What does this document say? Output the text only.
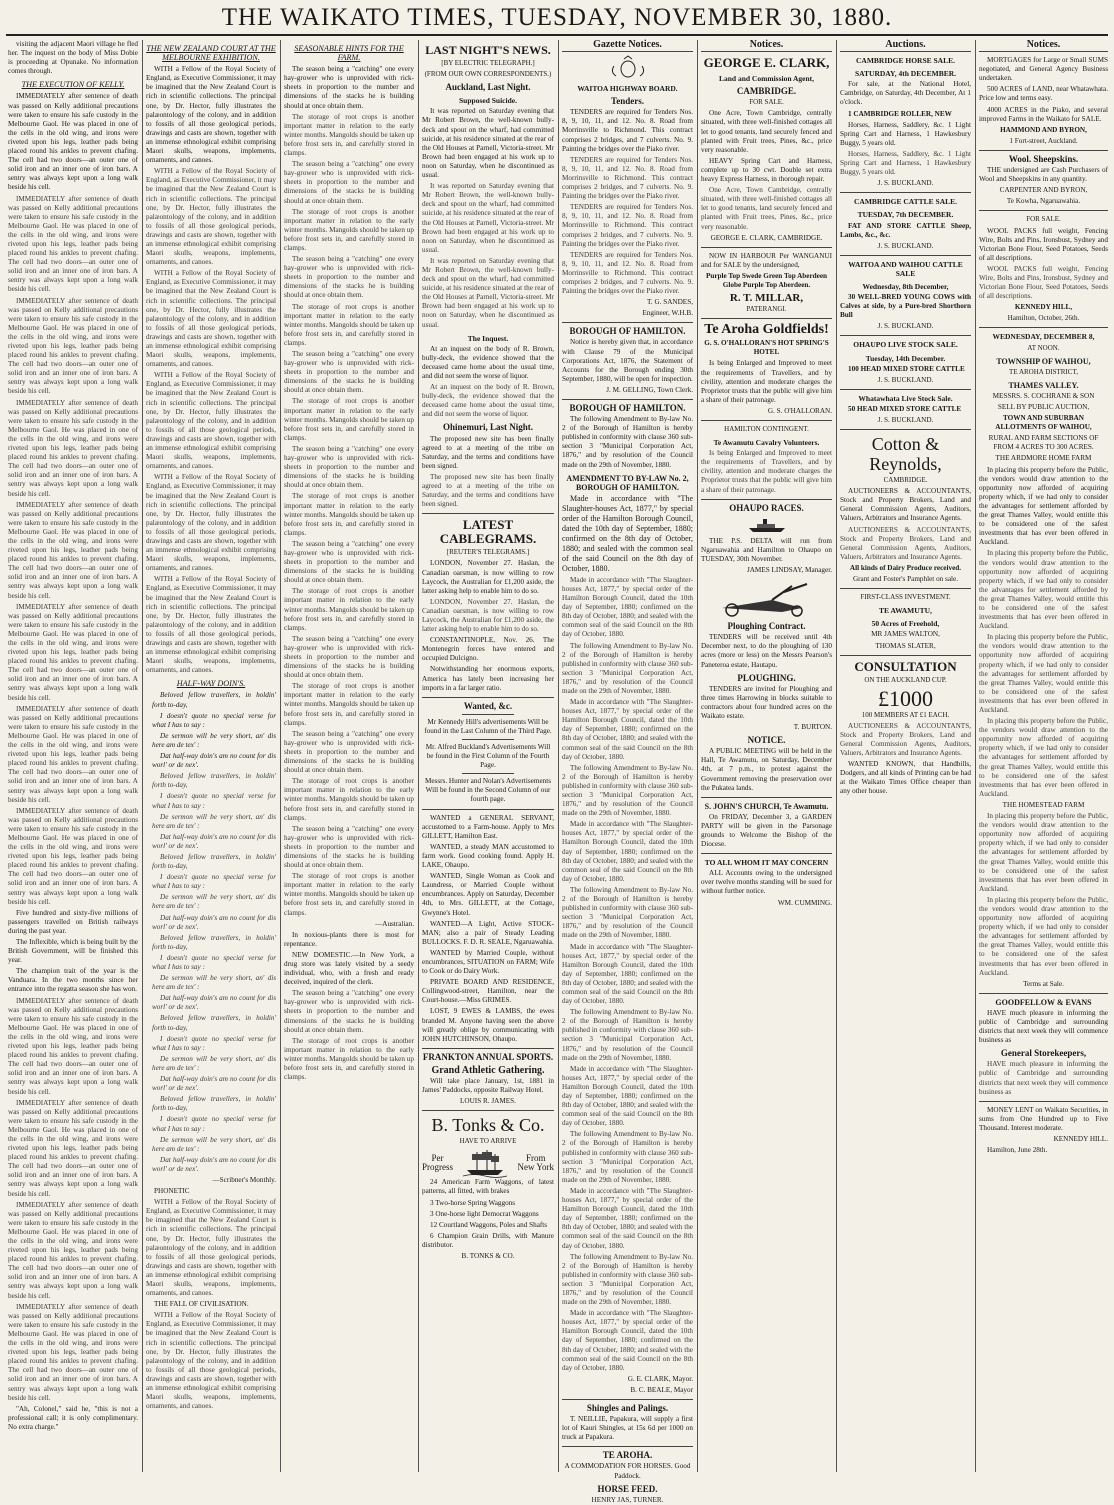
THE WAIKATO TIMES, TUESDAY, NOVEMBER 30, 1880.

visiting the adjacent Maori village he fled her. The inquest on the body of Miss Dobie is proceeding at Opunake. No information comes through.

THE EXECUTION OF KELLY.

IMMEDIATELY after sentence of death was passed on Kelly additional precautions were taken to ensure his safe custody in the Melbourne Gaol. He was placed in one of the cells in the old wing, and irons were riveted upon his legs, leather pads being placed round his ankles to prevent chafing. The cell had two doors—an outer one of solid iron and an inner one of iron bars. A sentry was always kept upon a long walk beside his cell.

IMMEDIATELY after sentence of death was passed on Kelly additional precautions were taken to ensure his safe custody in the Melbourne Gaol. He was placed in one of the cells in the old wing, and irons were riveted upon his legs, leather pads being placed round his ankles to prevent chafing. The cell had two doors—an outer one of solid iron and an inner one of iron bars. A sentry was always kept upon a long walk beside his cell.

IMMEDIATELY after sentence of death was passed on Kelly additional precautions were taken to ensure his safe custody in the Melbourne Gaol. He was placed in one of the cells in the old wing, and irons were riveted upon his legs, leather pads being placed round his ankles to prevent chafing. The cell had two doors—an outer one of solid iron and an inner one of iron bars. A sentry was always kept upon a long walk beside his cell.

IMMEDIATELY after sentence of death was passed on Kelly additional precautions were taken to ensure his safe custody in the Melbourne Gaol. He was placed in one of the cells in the old wing, and irons were riveted upon his legs, leather pads being placed round his ankles to prevent chafing. The cell had two doors—an outer one of solid iron and an inner one of iron bars. A sentry was always kept upon a long walk beside his cell.

IMMEDIATELY after sentence of death was passed on Kelly additional precautions were taken to ensure his safe custody in the Melbourne Gaol. He was placed in one of the cells in the old wing, and irons were riveted upon his legs, leather pads being placed round his ankles to prevent chafing. The cell had two doors—an outer one of solid iron and an inner one of iron bars. A sentry was always kept upon a long walk beside his cell.

IMMEDIATELY after sentence of death was passed on Kelly additional precautions were taken to ensure his safe custody in the Melbourne Gaol. He was placed in one of the cells in the old wing, and irons were riveted upon his legs, leather pads being placed round his ankles to prevent chafing. The cell had two doors—an outer one of solid iron and an inner one of iron bars. A sentry was always kept upon a long walk beside his cell.

IMMEDIATELY after sentence of death was passed on Kelly additional precautions were taken to ensure his safe custody in the Melbourne Gaol. He was placed in one of the cells in the old wing, and irons were riveted upon his legs, leather pads being placed round his ankles to prevent chafing. The cell had two doors—an outer one of solid iron and an inner one of iron bars. A sentry was always kept upon a long walk beside his cell.

IMMEDIATELY after sentence of death was passed on Kelly additional precautions were taken to ensure his safe custody in the Melbourne Gaol. He was placed in one of the cells in the old wing, and irons were riveted upon his legs, leather pads being placed round his ankles to prevent chafing. The cell had two doors—an outer one of solid iron and an inner one of iron bars. A sentry was always kept upon a long walk beside his cell.

Five hundred and sixty-five millions of passengers travelled on British railways during the past year.

The Inflexible, which is being built by the British Government, will be finished this year.

The champion trait of the year is the Vanduara. In the two months since her entrance into the regatta season she has won.

IMMEDIATELY after sentence of death was passed on Kelly additional precautions were taken to ensure his safe custody in the Melbourne Gaol. He was placed in one of the cells in the old wing, and irons were riveted upon his legs, leather pads being placed round his ankles to prevent chafing. The cell had two doors—an outer one of solid iron and an inner one of iron bars. A sentry was always kept upon a long walk beside his cell.

IMMEDIATELY after sentence of death was passed on Kelly additional precautions were taken to ensure his safe custody in the Melbourne Gaol. He was placed in one of the cells in the old wing, and irons were riveted upon his legs, leather pads being placed round his ankles to prevent chafing. The cell had two doors—an outer one of solid iron and an inner one of iron bars. A sentry was always kept upon a long walk beside his cell.

IMMEDIATELY after sentence of death was passed on Kelly additional precautions were taken to ensure his safe custody in the Melbourne Gaol. He was placed in one of the cells in the old wing, and irons were riveted upon his legs, leather pads being placed round his ankles to prevent chafing. The cell had two doors—an outer one of solid iron and an inner one of iron bars. A sentry was always kept upon a long walk beside his cell.

IMMEDIATELY after sentence of death was passed on Kelly additional precautions were taken to ensure his safe custody in the Melbourne Gaol. He was placed in one of the cells in the old wing, and irons were riveted upon his legs, leather pads being placed round his ankles to prevent chafing. The cell had two doors—an outer one of solid iron and an inner one of iron bars. A sentry was always kept upon a long walk beside his cell.

"Ah, Colonel," said he, "this is not a professional call; it is only complimentary. No extra charge."

THE NEW ZEALAND COURT AT THE MELBOURNE EXHIBITION.

WITH a Fellow of the Royal Society of England, as Executive Commissioner, it may be imagined that the New Zealand Court is rich in scientific collections. The principal one, by Dr. Hector, fully illustrates the palæontology of the colony, and in addition to fossils of all those geological periods, drawings and casts are shown, together with an immense ethnological exhibit comprising Maori skulls, weapons, implements, ornaments, and canoes.

WITH a Fellow of the Royal Society of England, as Executive Commissioner, it may be imagined that the New Zealand Court is rich in scientific collections. The principal one, by Dr. Hector, fully illustrates the palæontology of the colony, and in addition to fossils of all those geological periods, drawings and casts are shown, together with an immense ethnological exhibit comprising Maori skulls, weapons, implements, ornaments, and canoes.

WITH a Fellow of the Royal Society of England, as Executive Commissioner, it may be imagined that the New Zealand Court is rich in scientific collections. The principal one, by Dr. Hector, fully illustrates the palæontology of the colony, and in addition to fossils of all those geological periods, drawings and casts are shown, together with an immense ethnological exhibit comprising Maori skulls, weapons, implements, ornaments, and canoes.

WITH a Fellow of the Royal Society of England, as Executive Commissioner, it may be imagined that the New Zealand Court is rich in scientific collections. The principal one, by Dr. Hector, fully illustrates the palæontology of the colony, and in addition to fossils of all those geological periods, drawings and casts are shown, together with an immense ethnological exhibit comprising Maori skulls, weapons, implements, ornaments, and canoes.

WITH a Fellow of the Royal Society of England, as Executive Commissioner, it may be imagined that the New Zealand Court is rich in scientific collections. The principal one, by Dr. Hector, fully illustrates the palæontology of the colony, and in addition to fossils of all those geological periods, drawings and casts are shown, together with an immense ethnological exhibit comprising Maori skulls, weapons, implements, ornaments, and canoes.

WITH a Fellow of the Royal Society of England, as Executive Commissioner, it may be imagined that the New Zealand Court is rich in scientific collections. The principal one, by Dr. Hector, fully illustrates the palæontology of the colony, and in addition to fossils of all those geological periods, drawings and casts are shown, together with an immense ethnological exhibit comprising Maori skulls, weapons, implements, ornaments, and canoes.

HALF-WAY DOIN'S.

Beloved fellow travellers, in holdin' forth to-day,

I doesn't quote no special verse for what I has to say :

De sermon will be very short, an' dis here am de tex' :

Dat half-way doin's am no count for dis worl' or de nex'.

Beloved fellow travellers, in holdin' forth to-day,

I doesn't quote no special verse for what I has to say :

De sermon will be very short, an' dis here am de tex' :

Dat half-way doin's am no count for dis worl' or de nex'.

Beloved fellow travellers, in holdin' forth to-day,

I doesn't quote no special verse for what I has to say :

De sermon will be very short, an' dis here am de tex' :

Dat half-way doin's am no count for dis worl' or de nex'.

Beloved fellow travellers, in holdin' forth to-day,

I doesn't quote no special verse for what I has to say :

De sermon will be very short, an' dis here am de tex' :

Dat half-way doin's am no count for dis worl' or de nex'.

Beloved fellow travellers, in holdin' forth to-day,

I doesn't quote no special verse for what I has to say :

De sermon will be very short, an' dis here am de tex' :

Dat half-way doin's am no count for dis worl' or de nex'.

Beloved fellow travellers, in holdin' forth to-day,

I doesn't quote no special verse for what I has to say :

De sermon will be very short, an' dis here am de tex' :

Dat half-way doin's am no count for dis worl' or de nex'.

—Scribner's Monthly.

PHONETIC

WITH a Fellow of the Royal Society of England, as Executive Commissioner, it may be imagined that the New Zealand Court is rich in scientific collections. The principal one, by Dr. Hector, fully illustrates the palæontology of the colony, and in addition to fossils of all those geological periods, drawings and casts are shown, together with an immense ethnological exhibit comprising Maori skulls, weapons, implements, ornaments, and canoes.

THE FALL OF CIVILISATION.

WITH a Fellow of the Royal Society of England, as Executive Commissioner, it may be imagined that the New Zealand Court is rich in scientific collections. The principal one, by Dr. Hector, fully illustrates the palæontology of the colony, and in addition to fossils of all those geological periods, drawings and casts are shown, together with an immense ethnological exhibit comprising Maori skulls, weapons, implements, ornaments, and canoes.

SEASONABLE HINTS FOR THE FARM.

The season being a "catching" one every hay-grower who is unprovided with rick-sheets in proportion to the number and dimensions of the stacks he is building should at once obtain them.

The storage of root crops is another important matter in relation to the early winter months. Mangolds should be taken up before frost sets in, and carefully stored in clamps.

The season being a "catching" one every hay-grower who is unprovided with rick-sheets in proportion to the number and dimensions of the stacks he is building should at once obtain them.

The storage of root crops is another important matter in relation to the early winter months. Mangolds should be taken up before frost sets in, and carefully stored in clamps.

The season being a "catching" one every hay-grower who is unprovided with rick-sheets in proportion to the number and dimensions of the stacks he is building should at once obtain them.

The storage of root crops is another important matter in relation to the early winter months. Mangolds should be taken up before frost sets in, and carefully stored in clamps.

The season being a "catching" one every hay-grower who is unprovided with rick-sheets in proportion to the number and dimensions of the stacks he is building should at once obtain them.

The storage of root crops is another important matter in relation to the early winter months. Mangolds should be taken up before frost sets in, and carefully stored in clamps.

The season being a "catching" one every hay-grower who is unprovided with rick-sheets in proportion to the number and dimensions of the stacks he is building should at once obtain them.

The storage of root crops is another important matter in relation to the early winter months. Mangolds should be taken up before frost sets in, and carefully stored in clamps.

The season being a "catching" one every hay-grower who is unprovided with rick-sheets in proportion to the number and dimensions of the stacks he is building should at once obtain them.

The storage of root crops is another important matter in relation to the early winter months. Mangolds should be taken up before frost sets in, and carefully stored in clamps.

The season being a "catching" one every hay-grower who is unprovided with rick-sheets in proportion to the number and dimensions of the stacks he is building should at once obtain them.

The storage of root crops is another important matter in relation to the early winter months. Mangolds should be taken up before frost sets in, and carefully stored in clamps.

The season being a "catching" one every hay-grower who is unprovided with rick-sheets in proportion to the number and dimensions of the stacks he is building should at once obtain them.

The storage of root crops is another important matter in relation to the early winter months. Mangolds should be taken up before frost sets in, and carefully stored in clamps.

The season being a "catching" one every hay-grower who is unprovided with rick-sheets in proportion to the number and dimensions of the stacks he is building should at once obtain them.

The storage of root crops is another important matter in relation to the early winter months. Mangolds should be taken up before frost sets in, and carefully stored in clamps.

—Australian.

In noxious-plants there is most for repentance.

NEW DOMESTIC.—In New York, a drug store was lately visited by a seedy individual, who, with a fresh and ready deceived, inquired of the clerk.

The season being a "catching" one every hay-grower who is unprovided with rick-sheets in proportion to the number and dimensions of the stacks he is building should at once obtain them.

The storage of root crops is another important matter in relation to the early winter months. Mangolds should be taken up before frost sets in, and carefully stored in clamps.

LAST NIGHT'S NEWS.
[BY ELECTRIC TELEGRAPH.]
(FROM OUR OWN CORRESPONDENTS.)
Auckland, Last Night.
Supposed Suicide.

It was reported on Saturday evening that Mr Robert Brown, the well-known bully-deck and spout on the wharf, had committed suicide, at his residence situated at the rear of the Old Houses at Parnell, Victoria-street. Mr Brown had been engaged at his work up to noon on Saturday, when he discontinued as usual.

It was reported on Saturday evening that Mr Robert Brown, the well-known bully-deck and spout on the wharf, had committed suicide, at his residence situated at the rear of the Old Houses at Parnell, Victoria-street. Mr Brown had been engaged at his work up to noon on Saturday, when he discontinued as usual.

It was reported on Saturday evening that Mr Robert Brown, the well-known bully-deck and spout on the wharf, had committed suicide, at his residence situated at the rear of the Old Houses at Parnell, Victoria-street. Mr Brown had been engaged at his work up to noon on Saturday, when he discontinued as usual.

The Inquest.

At an inquest on the body of R. Brown, bully-deck, the evidence showed that the deceased came home about the usual time, and did not seem the worse of liquor.

At an inquest on the body of R. Brown, bully-deck, the evidence showed that the deceased came home about the usual time, and did not seem the worse of liquor.

Ohinemuri, Last Night.

The proposed new site has been finally agreed to at a meeting of the tribe on Saturday, and the terms and conditions have been signed.

The proposed new site has been finally agreed to at a meeting of the tribe on Saturday, and the terms and conditions have been signed.

LATEST CABLEGRAMS.
[REUTER'S TELEGRAMS.]

LONDON, November 27. Haslan, the Canadian oarsman, is now willing to row Laycock, the Australian for £1,200 aside, the latter asking help to enable him to do so.

LONDON, November 27. Haslan, the Canadian oarsman, is now willing to row Laycock, the Australian for £1,200 aside, the latter asking help to enable him to do so.

CONSTANTINOPLE, Nov. 26. The Montenegrin forces have entered and occupied Dulcigno.

Notwithstanding her enormous exports, America has lately been increasing her imports in a far larger ratio.

Wanted, &c.

Mr Kennedy Hill's advertisements Will be found in the Last Column of the Third Page.

Mr. Alfred Buckland's Advertisements Will be found in the First Column of the Fourth Page.

Messrs. Hunter and Nolan's Advertisements Will be found in the Second Column of our fourth page.

WANTED a GENERAL SERVANT, accustomed to a Farm-house. Apply to Mrs GILLETT, Hamilton East.

WANTED, a steady MAN accustomed to farm work. Good cooking found. Apply H. LAKE, Ohaupo.

WANTED, Single Woman as Cook and Laundress, or Married Couple without encumbrances. Apply on Saturday, December 4th, to Mrs. GILLETT, at the Cottage, Gwynne's Hotel.

WANTED—A Light, Active STOCK-MAN; also a pair of Steady Leading BULLOCKS. F. D. R. SEALE, Ngaruawahia.

WANTED by Married Couple, without encumbrances, SITUATION on FARM; Wife to Cook or do Dairy Work.

PRIVATE BOARD AND RESIDENCE, Collingwood-street, Hamilton, near the Court-house.—Miss GRIMES.

LOST, 9 EWES & LAMBS, the ewes branded M. Anyone having seen the above will greatly oblige by communicating with JOHN HUTCHINSON, Ohaupo.

FRANKTON ANNUAL SPORTS.
Grand Athletic Gathering.

Will take place January, 1st, 1881 in James' Paddocks, opposite Railway Hotel.

LOUIS R. JAMES.

B. Tonks & Co.
HAVE TO ARRIVE
Per
Progress
From
New York

24 American Farm Waggons, of latest patterns, all fitted, with brakes

3 Two-horse Spring Waggons

3 One-horse light Democrat Waggons

12 Courtland Waggons, Poles and Shafts

6 Champion Grain Drills, with Manure distributor.

B. TONKS & CO.

Gazette Notices.
WAITOA HIGHWAY BOARD.
Tenders.

TENDERS are required for Tenders Nos. 8, 9, 10, 11, and 12. No. 8. Road from Morrinsville to Richmond. This contract comprises 2 bridges, and 7 culverts. No. 9. Painting the bridges over the Piako river.

TENDERS are required for Tenders Nos. 8, 9, 10, 11, and 12. No. 8. Road from Morrinsville to Richmond. This contract comprises 2 bridges, and 7 culverts. No. 9. Painting the bridges over the Piako river.

TENDERS are required for Tenders Nos. 8, 9, 10, 11, and 12. No. 8. Road from Morrinsville to Richmond. This contract comprises 2 bridges, and 7 culverts. No. 9. Painting the bridges over the Piako river.

TENDERS are required for Tenders Nos. 8, 9, 10, 11, and 12. No. 8. Road from Morrinsville to Richmond. This contract comprises 2 bridges, and 7 culverts. No. 9. Painting the bridges over the Piako river.

T. G. SANDES,

Engineer, W.H.B.

BOROUGH OF HAMILTON.

Notice is hereby given that, in accordance with Clause 79 of the Municipal Corporations Act, 1876, the Statement of Accounts for the Borough ending 30th September, 1880, will be open for inspection.

J. M. GELLING, Town Clerk.

BOROUGH OF HAMILTON.

The following Amendment to By-law No. 2 of the Borough of Hamilton is hereby published in conformity with clause 360 sub-section 3 "Municipal Corporation Act, 1876," and by resolution of the Council made on the 29th of November, 1880.

AMENDMENT TO BY-LAW No. 2, BOROUGH OF HAMILTON.

Made in accordance with "The Slaughter-houses Act, 1877," by special order of the Hamilton Borough Council, dated the 10th day of September, 1880; confirmed on the 8th day of October, 1880; and sealed with the common seal of the said Council on the 8th day of October, 1880.

Made in accordance with "The Slaughter-houses Act, 1877," by special order of the Hamilton Borough Council, dated the 10th day of September, 1880; confirmed on the 8th day of October, 1880; and sealed with the common seal of the said Council on the 8th day of October, 1880.

The following Amendment to By-law No. 2 of the Borough of Hamilton is hereby published in conformity with clause 360 sub-section 3 "Municipal Corporation Act, 1876," and by resolution of the Council made on the 29th of November, 1880.

Made in accordance with "The Slaughter-houses Act, 1877," by special order of the Hamilton Borough Council, dated the 10th day of September, 1880; confirmed on the 8th day of October, 1880; and sealed with the common seal of the said Council on the 8th day of October, 1880.

The following Amendment to By-law No. 2 of the Borough of Hamilton is hereby published in conformity with clause 360 sub-section 3 "Municipal Corporation Act, 1876," and by resolution of the Council made on the 29th of November, 1880.

Made in accordance with "The Slaughter-houses Act, 1877," by special order of the Hamilton Borough Council, dated the 10th day of September, 1880; confirmed on the 8th day of October, 1880; and sealed with the common seal of the said Council on the 8th day of October, 1880.

The following Amendment to By-law No. 2 of the Borough of Hamilton is hereby published in conformity with clause 360 sub-section 3 "Municipal Corporation Act, 1876," and by resolution of the Council made on the 29th of November, 1880.

Made in accordance with "The Slaughter-houses Act, 1877," by special order of the Hamilton Borough Council, dated the 10th day of September, 1880; confirmed on the 8th day of October, 1880; and sealed with the common seal of the said Council on the 8th day of October, 1880.

The following Amendment to By-law No. 2 of the Borough of Hamilton is hereby published in conformity with clause 360 sub-section 3 "Municipal Corporation Act, 1876," and by resolution of the Council made on the 29th of November, 1880.

Made in accordance with "The Slaughter-houses Act, 1877," by special order of the Hamilton Borough Council, dated the 10th day of September, 1880; confirmed on the 8th day of October, 1880; and sealed with the common seal of the said Council on the 8th day of October, 1880.

The following Amendment to By-law No. 2 of the Borough of Hamilton is hereby published in conformity with clause 360 sub-section 3 "Municipal Corporation Act, 1876," and by resolution of the Council made on the 29th of November, 1880.

Made in accordance with "The Slaughter-houses Act, 1877," by special order of the Hamilton Borough Council, dated the 10th day of September, 1880; confirmed on the 8th day of October, 1880; and sealed with the common seal of the said Council on the 8th day of October, 1880.

The following Amendment to By-law No. 2 of the Borough of Hamilton is hereby published in conformity with clause 360 sub-section 3 "Municipal Corporation Act, 1876," and by resolution of the Council made on the 29th of November, 1880.

Made in accordance with "The Slaughter-houses Act, 1877," by special order of the Hamilton Borough Council, dated the 10th day of September, 1880; confirmed on the 8th day of October, 1880; and sealed with the common seal of the said Council on the 8th day of October, 1880.

G. E. CLARK, Mayor.

B. C. BEALE, Mayor

Shingles and Palings.

T. NEILLIE, Papakura, will supply a first lot of Kauri Shingles, at 15s 6d per 1000 on truck at Papakura.

TE AROHA.

A COMMODATION FOR HORSES. Good Paddock.

HORSE FEED.

HENRY JAS, TURNER.

Notices.
GEORGE E. CLARK,
Land and Commission Agent,
CAMBRIDGE.
FOR SALE.

One Acre, Town Cambridge, centrally situated, with three well-finished cottages all let to good tenants, land securely fenced and planted with Fruit trees, Pines, &c., price very reasonable.

HEAVY Spring Cart and Harness, complete up to 30 cwt. Double set extra heavy Express Harness, in thorough repair.

One Acre, Town Cambridge, centrally situated, with three well-finished cottages all let to good tenants, land securely fenced and planted with Fruit trees, Pines, &c., price very reasonable.

GEORGE E. CLARK, CAMBRIDGE.

NOW IN HARBOUR Per WANGANUI and for SALE by the undersigned,

Purple Top Swede Green Top Aberdeen Globe Purple Top Aberdeen.

R. T. MILLAR,
PATERANGI.
Te Aroha Goldfields!

G. S. O'HALLORAN'S HOT SPRING'S HOTEL

Is being Enlarged and Improved to meet the requirements of Travellers, and by civility, attention and moderate charges the Proprietor trusts that the public will give him a share of their patronage.

G. S. O'HALLORAN.

HAMILTON CONTINGENT.
Te Awamutu Cavalry Volunteers.

Is being Enlarged and Improved to meet the requirements of Travellers, and by civility, attention and moderate charges the Proprietor trusts that the public will give him a share of their patronage.

OHAUPO RACES.

THE P.S. DELTA will run from Ngaruawahia and Hamilton to Ohaupo on TUESDAY, 30th November.

JAMES LINDSAY, Manager.

Ploughing Contract.

TENDERS will be received until 4th December next, to do the ploughing of 130 acres (more or less) on the Messrs Pearson's Paneteroa estate, Hautapu.

PLOUGHING.

TENDERS are invited for Ploughing and three times Harrowing in blocks suitable to contractors about four hundred acres on the Waikato estate.

T. BURTON.

NOTICE.

A PUBLIC MEETING will be held in the Hall, Te Awamutu, on Saturday, December 4th, at 7 p.m., to protest against the Government removing the preservation over the Pukatea lands.

S. JOHN'S CHURCH, Te Awamutu.

On FRIDAY, December 3, a GARDEN PARTY will be given in the Parsonage grounds to Welcome the Bishop of the Diocese.

TO ALL WHOM IT MAY CONCERN

ALL Accounts owing to the undersigned over twelve months standing will be sued for without further notice.

WM. CUMMING.

Auctions.
CAMBRIDGE HORSE SALE.
SATURDAY, 4th DECEMBER.

For sale, at the National Hotel, Cambridge, on Saturday, 4th December, At 1 o'clock.

1 CAMBRIDGE ROLLER, NEW

Horses, Harness, Saddlery, &c. 1 Light Spring Cart and Harness, 1 Hawkesbury Buggy, 5 years old.

Horses, Harness, Saddlery, &c. 1 Light Spring Cart and Harness, 1 Hawkesbury Buggy, 5 years old.

J. S. BUCKLAND.

CAMBRIDGE CATTLE SALE.
TUESDAY, 7th DECEMBER.

FAT AND STORE CATTLE Sheep, Lambs, &c., &c.

J. S. BUCKLAND.

WAITOA AND WAIHOU CATTLE SALE
Wednesday, 8th December,

30 WELL-BRED YOUNG COWS with Calves at side, by a Pure-bred Shorthorn Bull

J. S. BUCKLAND.

OHAUPO LIVE STOCK SALE.
Tuesday, 14th December.

100 HEAD MIXED STORE CATTLE

J. S. BUCKLAND.

Whatawhata Live Stock Sale.

50 HEAD MIXED STORE CATTLE

J. S. BUCKLAND.

Cotton & Reynolds,
CAMBRIDGE.

AUCTIONEERS & ACCOUNTANTS, Stock and Property Brokers, Land and General Commission Agents, Auditors, Valuers, Arbitrators and Insurance Agents.

AUCTIONEERS & ACCOUNTANTS, Stock and Property Brokers, Land and General Commission Agents, Auditors, Valuers, Arbitrators and Insurance Agents.

All kinds of Dairy Produce received.

Grant and Foster's Pamphlet on sale.

FIRST-CLASS INVESTMENT.
TE AWAMUTU,
50 Acres of Freehold,

MR JAMES WALTON,

THOMAS SLATER,

CONSULTATION
ON THE AUCKLAND CUP.
£1000
100 MEMBERS AT £1 EACH.

AUCTIONEERS & ACCOUNTANTS, Stock and Property Brokers, Land and General Commission Agents, Auditors, Valuers, Arbitrators and Insurance Agents.

WANTED KNOWN, that Handbills, Dodgers, and all kinds of Printing can be had at the Waikato Times Office cheaper than any other house.

Notices.

MORTGAGES for Large or Small SUMS negotiated, and General Agency Business undertaken.

500 ACRES of LAND, near Whatawhata. Price low and terms easy.

4000 ACRES in the Piako, and several improved Farms in the Waikato for SALE.

HAMMOND AND BYRON,

1 Fort-street, Auckland.

Wool. Sheepskins.

THE undersigned are Cash Purchasers of Wool and Sheepskins in any quantity.

CARPENTER AND BYRON,

Te Kowha, Ngaruawahia.

FOR SALE.

WOOL PACKS full weight, Fencing Wire, Bolts and Pins, Ironsbust, Sydney and Victorian Bone Flour, Seed Potatoes, Seeds of all descriptions.

WOOL PACKS full weight, Fencing Wire, Bolts and Pins, Ironsbust, Sydney and Victorian Bone Flour, Seed Potatoes, Seeds of all descriptions.

KENNEDY HILL,

Hamilton, October, 26th.

WEDNESDAY, DECEMBER 8,
AT NOON.
TOWNSHIP OF WAIHOU,
TE AROHA DISTRICT,
THAMES VALLEY.

MESSRS. S. COCHRANE & SON

SELL BY PUBLIC AUCTION,

TOWN AND SUBURBAN ALLOTMENTS OF WAIHOU,

RURAL AND FARM SECTIONS OF FROM 4 ACRES TO 300 ACRES.

THE ARDMORE HOME FARM

In placing this property before the Public, the vendors would draw attention to the opportunity now afforded of acquiring property which, if we had only to consider the advantages for settlement afforded by the great Thames Valley, would entitle this to be considered one of the safest investments that has ever been offered in Auckland.

In placing this property before the Public, the vendors would draw attention to the opportunity now afforded of acquiring property which, if we had only to consider the advantages for settlement afforded by the great Thames Valley, would entitle this to be considered one of the safest investments that has ever been offered in Auckland.

In placing this property before the Public, the vendors would draw attention to the opportunity now afforded of acquiring property which, if we had only to consider the advantages for settlement afforded by the great Thames Valley, would entitle this to be considered one of the safest investments that has ever been offered in Auckland.

In placing this property before the Public, the vendors would draw attention to the opportunity now afforded of acquiring property which, if we had only to consider the advantages for settlement afforded by the great Thames Valley, would entitle this to be considered one of the safest investments that has ever been offered in Auckland.

THE HOMESTEAD FARM

In placing this property before the Public, the vendors would draw attention to the opportunity now afforded of acquiring property which, if we had only to consider the advantages for settlement afforded by the great Thames Valley, would entitle this to be considered one of the safest investments that has ever been offered in Auckland.

In placing this property before the Public, the vendors would draw attention to the opportunity now afforded of acquiring property which, if we had only to consider the advantages for settlement afforded by the great Thames Valley, would entitle this to be considered one of the safest investments that has ever been offered in Auckland.

Terms at Sale.

GOODFELLOW & EVANS

HAVE much pleasure in informing the public of Cambridge and surrounding districts that next week they will commence business as

General Storekeepers,

HAVE much pleasure in informing the public of Cambridge and surrounding districts that next week they will commence business as

MONEY LENT on Waikato Securities, in sums from One Hundred up to Five Thousand. Interest moderate.

KENNEDY HILL.

Hamilton, June 28th.
